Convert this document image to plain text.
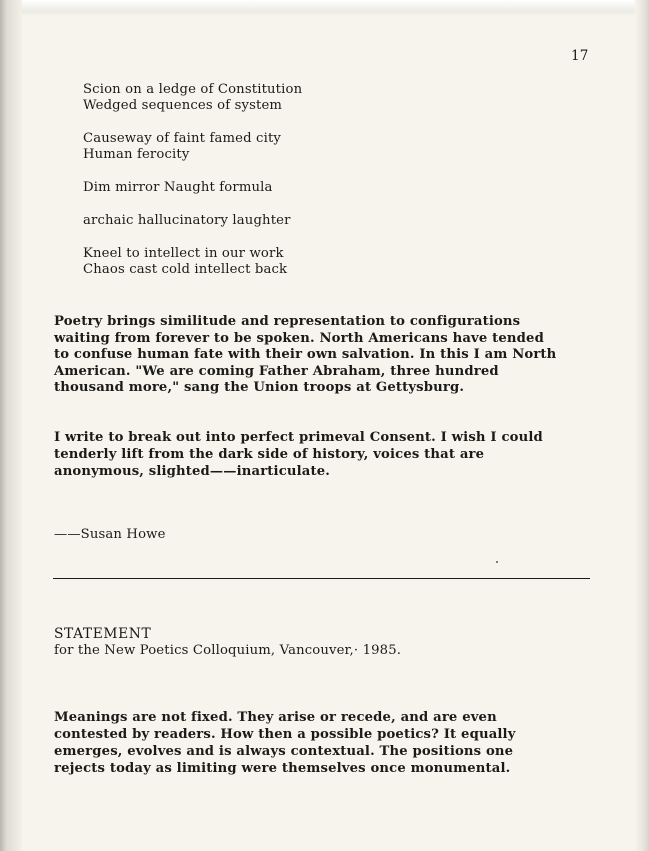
17
Scion on a ledge of Constitution
Wedged sequences of system
Causeway of faint famed city
Human ferocity
Dim mirror Naught formula
archaic hallucinatory laughter
Kneel to intellect in our work
Chaos cast cold intellect back
Poetry brings similitude and representation to configurations
waiting from forever to be spoken. North Americans have tended
to confuse human fate with their own salvation. In this I am North
American. "We are coming Father Abraham, three hundred
thousand more," sang the Union troops at Gettysburg.
I write to break out into perfect primeval Consent. I wish I could
tenderly lift from the dark side of history, voices that are
anonymous, slighted——inarticulate.
——Susan Howe
STATEMENT
for the New Poetics Colloquium, Vancouver,· 1985.
Meanings are not fixed. They arise or recede, and are even
contested by readers. How then a possible poetics? It equally
emerges, evolves and is always contextual. The positions one
rejects today as limiting were themselves once monumental.
